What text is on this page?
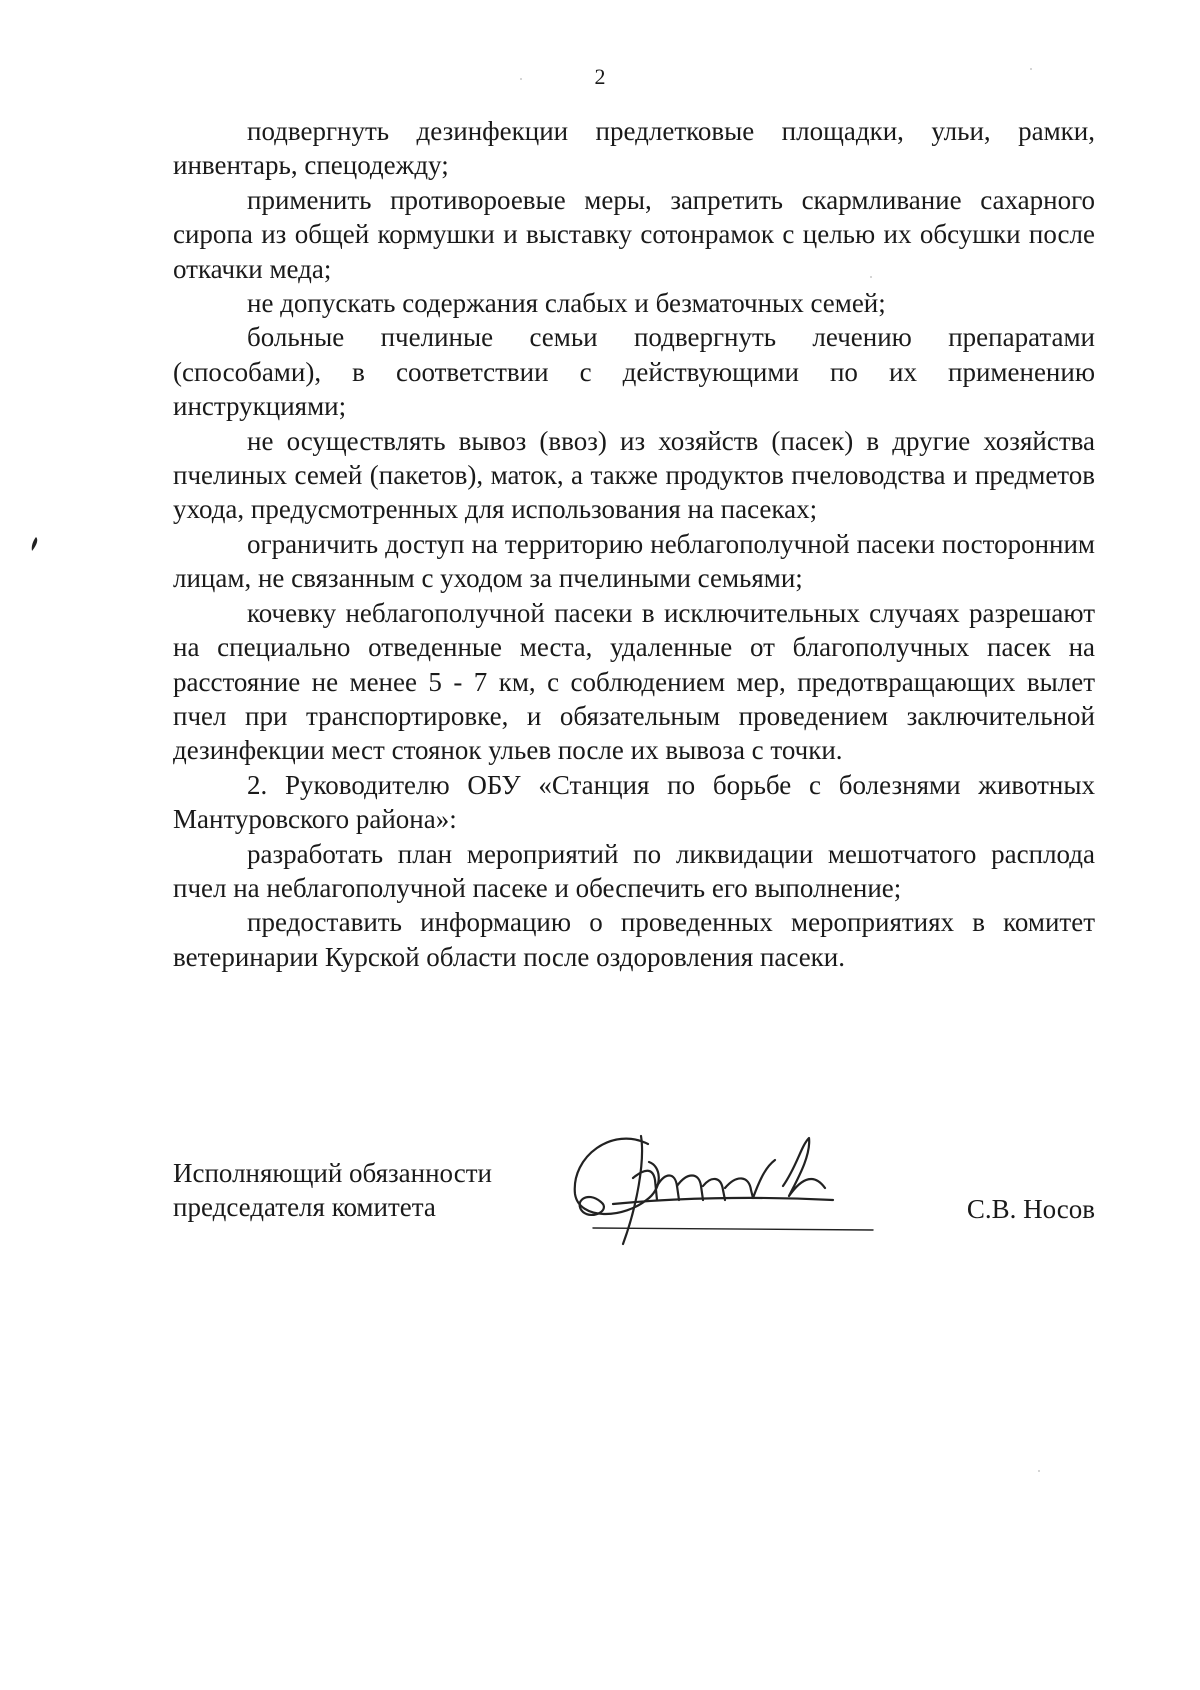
2

подвергнуть дезинфекции предлетковые площадки, ульи, рамки, инвентарь, спецодежду;

применить противороевые меры, запретить скармливание сахарного сиропа из общей кормушки и выставку сотонрамок с целью их обсушки после откачки меда;

не допускать содержания слабых и безматочных семей;

больные пчелиные семьи подвергнуть лечению препаратами (способами), в соответствии с действующими по их применению инструкциями;

не осуществлять вывоз (ввоз) из хозяйств (пасек) в другие хозяйства пчелиных семей (пакетов), маток, а также продуктов пчеловодства и предметов ухода, предусмотренных для использования на пасеках;

ограничить доступ на территорию неблагополучной пасеки посторонним лицам, не связанным с уходом за пчелиными семьями;

кочевку неблагополучной пасеки в исключительных случаях разрешают на специально отведенные места, удаленные от благополучных пасек на расстояние не менее 5 - 7 км, с соблюдением мер, предотвращающих вылет пчел при транспортировке, и обязательным проведением заключительной дезинфекции мест стоянок ульев после их вывоза с точки.

2. Руководителю ОБУ «Станция по борьбе с болезнями животных Мантуровского района»:

разработать план мероприятий по ликвидации мешотчатого расплода пчел на неблагополучной пасеке и обеспечить его выполнение;

предоставить информацию о проведенных мероприятиях в комитет ветеринарии Курской области после оздоровления пасеки.

Исполняющий обязанности
председателя комитета	С.В. Носов
